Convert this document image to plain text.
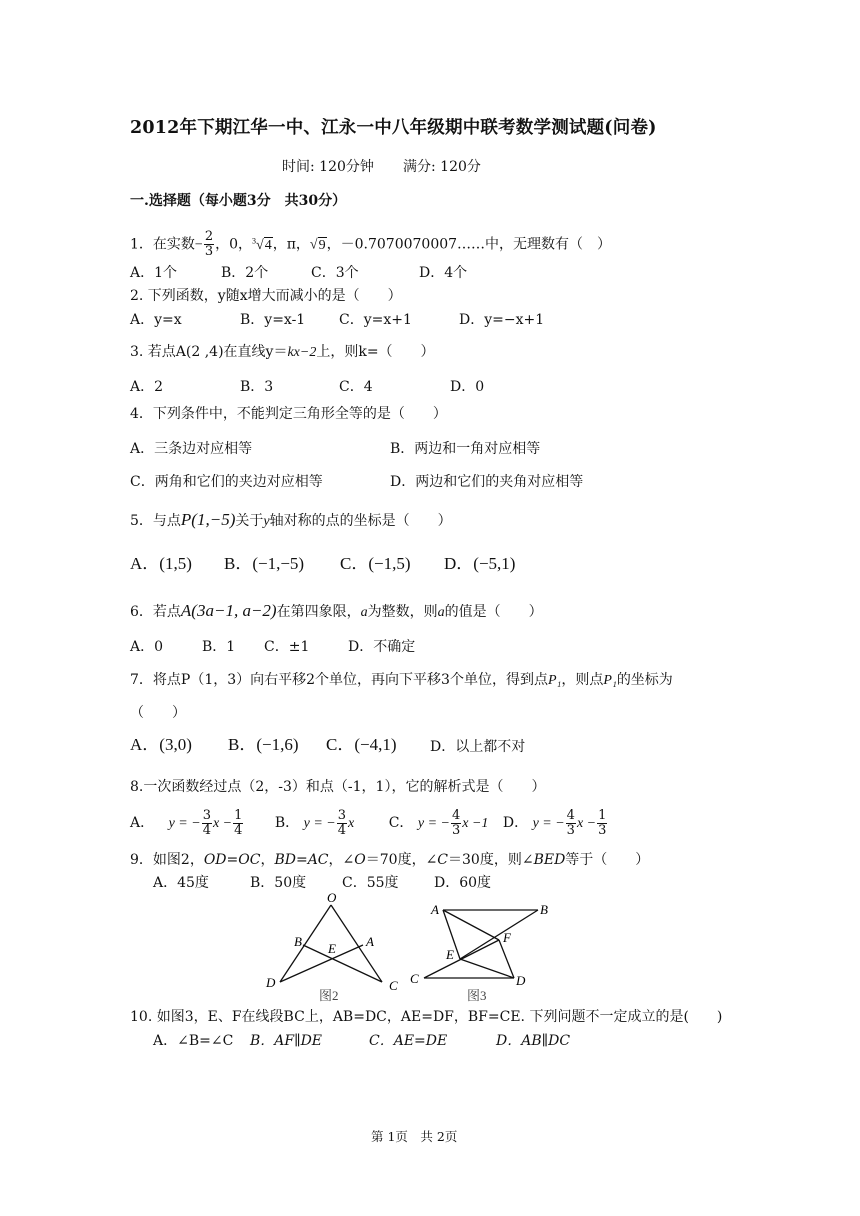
2012年下期江华一中、江永一中八年级期中联考数学测试题(问卷)
时间: 120分钟 满分: 120分
一.选择题（每小题3分　共30分）
1．在实数− $\frac{2}{3}$ ，0，$^3$√4，π，√9，－0.7070070007……中，无理数有（　）
A．1个	B．2个	C．3个	D．4个
2. 下列函数，y随x增大而减小的是（　　）
A．y=x	B．y=x-1 C．y=x+1	D．y=−x+1
3. 若点A(2 ,4)在直线y＝kx−2上，则k=（　　）
A．2	B．3	C．4	D．0
4．下列条件中，不能判定三角形全等的是（　　）
A．三条边对应相等	B．两边和一角对应相等
C．两角和它们的夹边对应相等	D．两边和它们的夹角对应相等
5．与点P(1,−5)关于y轴对称的点的坐标是（　　）
A．(1,5) B．(−1,−5) C．(−1,5) D．(−5,1)
6．若点A(3a−1, a−2)在第四象限，a为整数，则a的值是（　　）
A．0	B．1 C．±1	D．不确定
7．将点P（1，3）向右平移2个单位，再向下平移3个单位，得到点P₁，则点P₁的坐标为
（　　）
A．(3,0) B．(−1,6) C．(−4,1) D．以上都不对
8.一次函数经过点（2，-3）和点（-1，1），它的解析式是（　　）
A． y = − $\frac{3}{4}$ $x - \frac{1}{4}$ B． y = − $\frac{3}{4}$ x C． y = − $\frac{4}{3}$ x −1 D． y = − $\frac{4}{3}$ $x - \frac{1}{3}$
9．如图2，OD=OC，BD=AC，∠O＝70度，∠C＝30度，则∠BED等于（　　）
A．45度	B．50度	C．55度	D．60度
O
B E A
D	C
图2
A	B
F
E
C	D
图3
10. 如图3，E、F在线段BC上，AB=DC，AE=DF，BF=CE. 下列问题不一定成立的是(　　)
A．∠B=∠C B．AF∥DE	C．AE=DE	D．AB∥DC
第 1页　共 2页
